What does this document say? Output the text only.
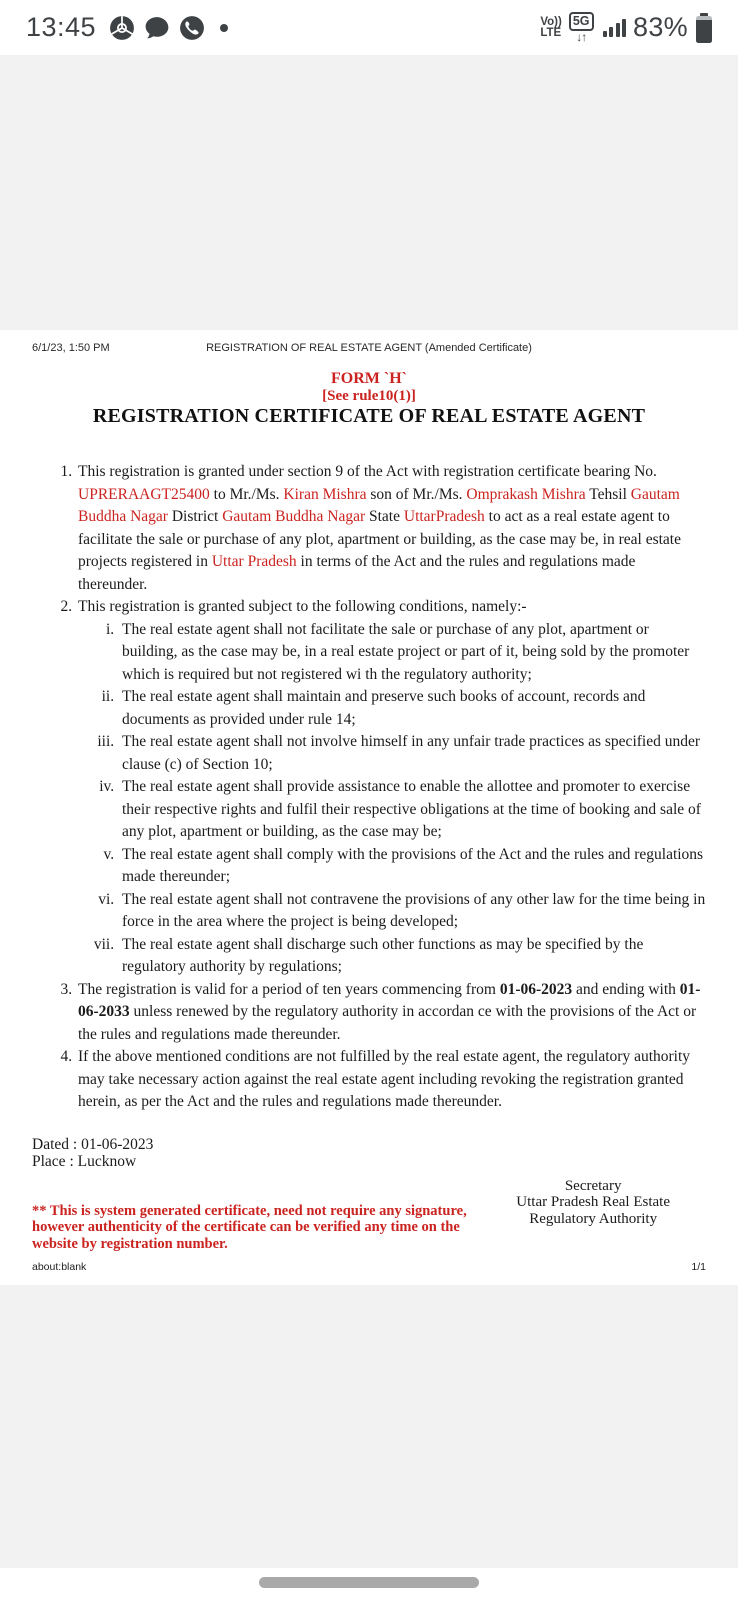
13:45	Vo))
LTE
5G
↓↑ 83%
6/1/23, 1:50 PM	REGISTRATION OF REAL ESTATE AGENT (Amended Certificate)
FORM `H`
[See rule10(1)]
REGISTRATION CERTIFICATE OF REAL ESTATE AGENT
1. This registration is granted under section 9 of the Act with registration certificate bearing No. UPRERAAGT25400 to Mr./Ms. Kiran Mishra son of Mr./Ms. Omprakash Mishra Tehsil Gautam Buddha Nagar District Gautam Buddha Nagar State UttarPradesh to act as a real estate agent to facilitate the sale or purchase of any plot, apartment or building, as the case may be, in real estate projects registered in Uttar Pradesh in terms of the Act and the rules and regulations made thereunder.
2. This registration is granted subject to the following conditions, namely:-
i. The real estate agent shall not facilitate the sale or purchase of any plot, apartment or building, as the case may be, in a real estate project or part of it, being sold by the promoter which is required but not registered wi th the regulatory authority;
ii. The real estate agent shall maintain and preserve such books of account, records and documents as provided under rule 14;
iii. The real estate agent shall not involve himself in any unfair trade practices as specified under clause (c) of Section 10;
iv. The real estate agent shall provide assistance to enable the allottee and promoter to exercise their respective rights and fulfil their respective obligations at the time of booking and sale of any plot, apartment or building, as the case may be;
v. The real estate agent shall comply with the provisions of the Act and the rules and regulations made thereunder;
vi. The real estate agent shall not contravene the provisions of any other law for the time being in force in the area where the project is being developed;
vii. The real estate agent shall discharge such other functions as may be specified by the regulatory authority by regulations;
3. The registration is valid for a period of ten years commencing from 01-06-2023 and ending with 01-06-2033 unless renewed by the regulatory authority in accordan ce with the provisions of the Act or the rules and regulations made thereunder.
4. If the above mentioned conditions are not fulfilled by the real estate agent, the regulatory authority may take necessary action against the real estate agent including revoking the registration granted herein, as per the Act and the rules and regulations made thereunder.
Dated : 01-06-2023
Place : Lucknow
** This is system generated certificate, need not require any signature, however authenticity of the certificate can be verified any time on the website by registration number.
Secretary
Uttar Pradesh Real Estate
Regulatory Authority
about:blank	1/1
